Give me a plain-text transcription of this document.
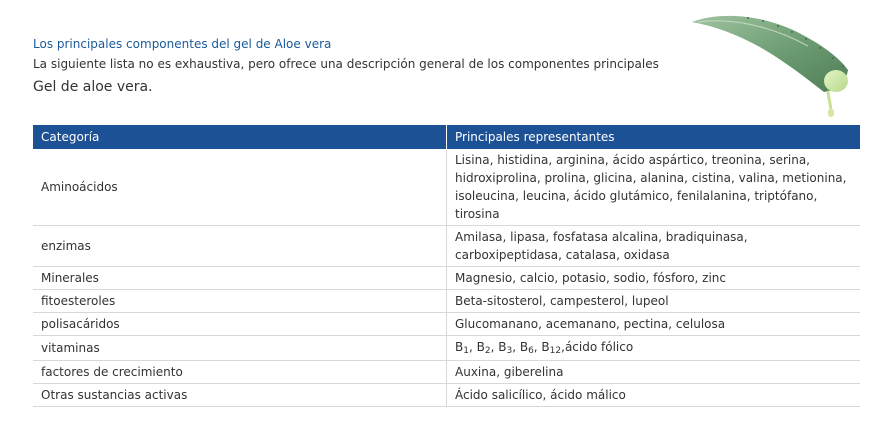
Los principales componentes del gel de Aloe vera
La siguiente lista no es exhaustiva, pero ofrece una descripción general de los componentes principales
Gel de aloe vera.
Categoría	Principales representantes
Aminoácidos	Lisina, histidina, arginina, ácido aspártico, treonina, serina, hidroxiprolina, prolina, glicina, alanina, cistina, valina, metionina, isoleucina, leucina, ácido glutámico, fenilalanina, triptófano, tirosina
enzimas	Amilasa, lipasa, fosfatasa alcalina, bradiquinasa, carboxipeptidasa, catalasa, oxidasa
Minerales	Magnesio, calcio, potasio, sodio, fósforo, zinc
fitoesteroles	Beta-sitosterol, campesterol, lupeol
polisacáridos	Glucomanano, acemanano, pectina, celulosa
vitaminas	$B_1$, $B_2$, $B_3$, $B_6$, $B_{12},ácido$ fólico
factores de crecimiento	Auxina, giberelina
Otras sustancias activas	Ácido salicílico, ácido málico
